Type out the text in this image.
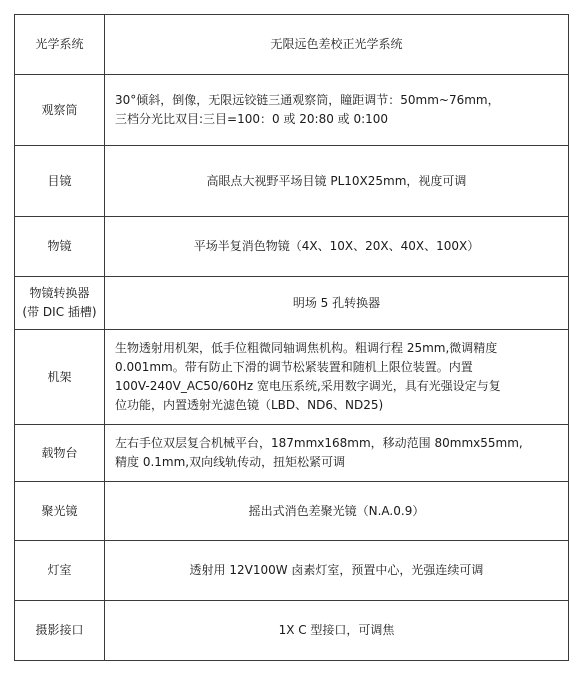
光学系统	无限远色差校正光学系统

观察筒	30°倾斜，倒像，无限远铰链三通观察筒，瞳距调节：50mm~76mm，
三档分光比双目:三目=100：0 或 20:80 或 0:100

目镜	高眼点大视野平场目镜 PL10X25mm，视度可调

物镜	平场半复消色物镜（4X、10X、20X、40X、100X）

物镜转换器
(带 DIC 插槽)	明场 5 孔转换器

机架	生物透射用机架，低手位粗微同轴调焦机构。粗调行程 25mm,微调精度
0.001mm。带有防止下滑的调节松紧装置和随机上限位装置。内置
100V-240V_AC50/60Hz 宽电压系统,采用数字调光，具有光强设定与复
位功能，内置透射光滤色镜（LBD、ND6、ND25)

载物台	左右手位双层复合机械平台，187mmx168mm，移动范围 80mmx55mm,
精度 0.1mm,双向线轨传动，扭矩松紧可调

聚光镜	摇出式消色差聚光镜（N.A.0.9）

灯室	透射用 12V100W 卤素灯室，预置中心，光强连续可调

摄影接口	1X C 型接口，可调焦
